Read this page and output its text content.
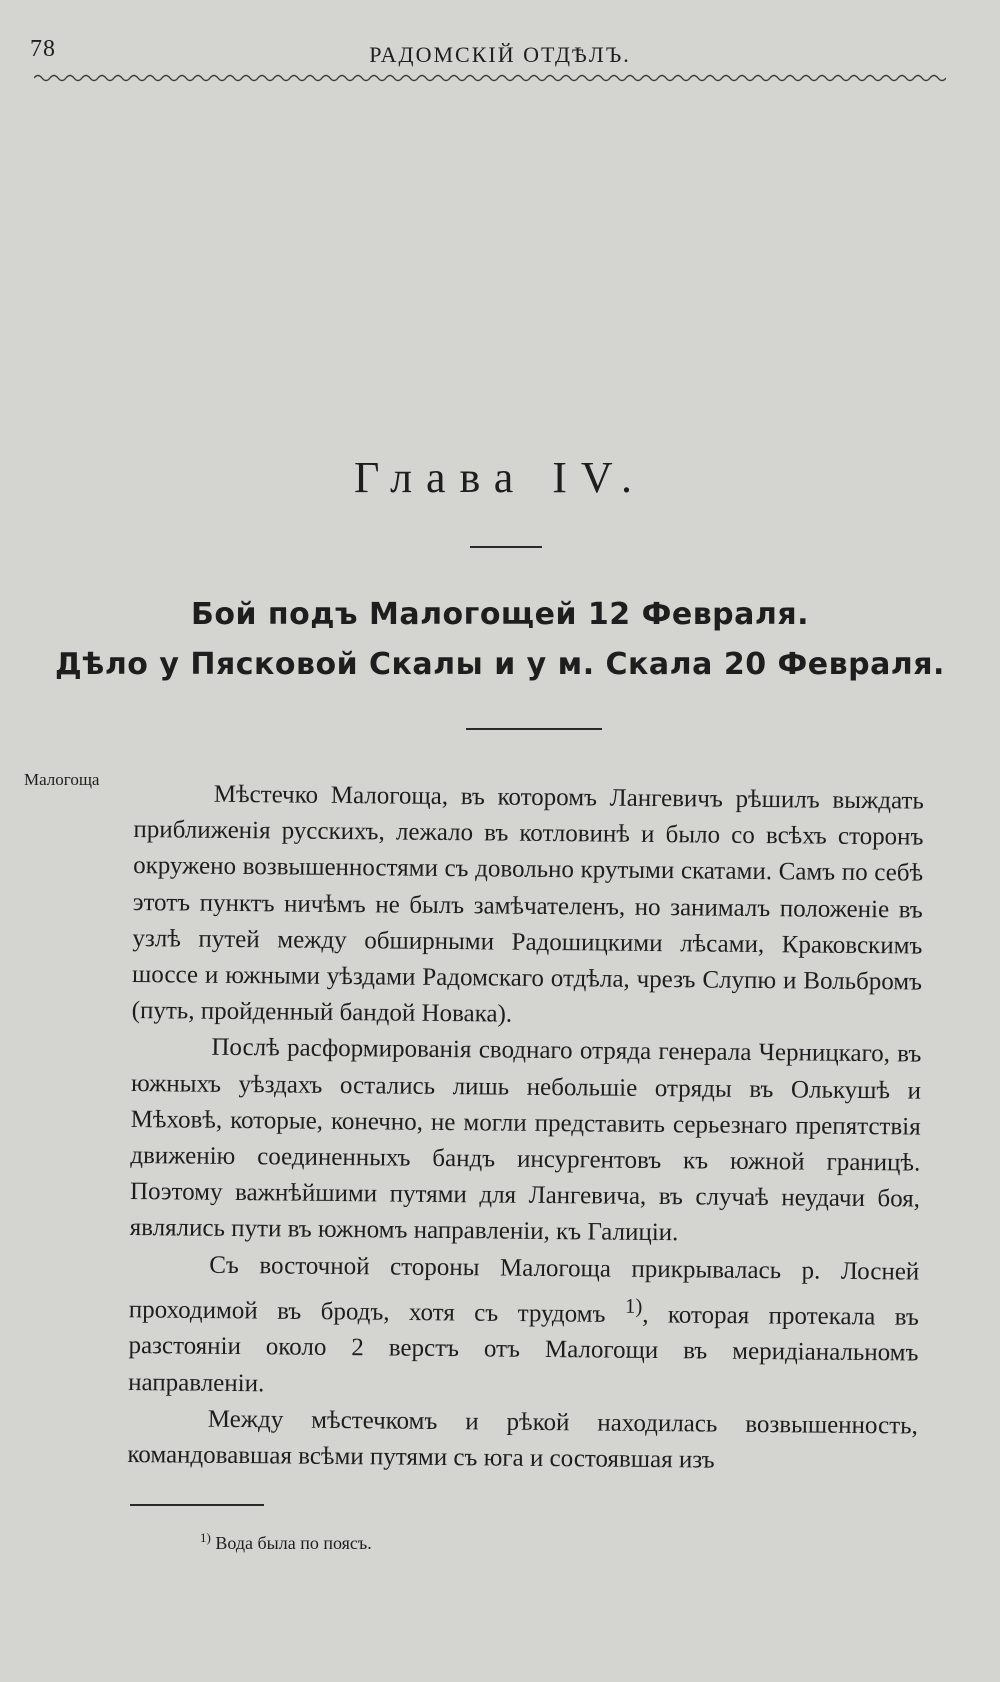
78	РАДОМСКІЙ ОТДѢЛЪ.
Глава IV.
Бой подъ Малогощей 12 Февраля.
Дѣло у Пясковой Скалы и у м. Скала 20 Февраля.
Малогоща

Мѣстечко Малогоща, въ которомъ Лангевичъ рѣшилъ выждать приближенія русскихъ, лежало въ котловинѣ и было со всѣхъ сторонъ окружено возвышенностями съ довольно крутыми скатами. Самъ по себѣ этотъ пунктъ ничѣмъ не былъ замѣчателенъ, но занималъ положеніе въ узлѣ путей между обширными Радошицкими лѣсами, Краковскимъ шоссе и южными уѣздами Радомскаго отдѣла, чрезъ Слупю и Вольбромъ (путь, пройденный бандой Новака).

Послѣ расформированія своднаго отряда генерала Черницкаго, въ южныхъ уѣздахъ остались лишь небольшіе отряды въ Олькушѣ и Мѣховѣ, которые, конечно, не могли представить серьезнаго препятствія движенію соединенныхъ бандъ инсургентовъ къ южной границѣ. Поэтому важнѣйшими путями для Лангевича, въ случаѣ неудачи боя, являлись пути въ южномъ направленіи, къ Галиціи.

Съ восточной стороны Малогоща прикрывалась р. Лосней проходимой въ бродъ, хотя съ трудомъ $^{1)}$, которая протекала въ разстояніи около 2 верстъ отъ Малогощи въ меридіанальномъ направленіи.

Между мѣстечкомъ и рѣкой находилась возвышенность, командовавшая всѣми путями съ юга и состоявшая изъ

$^{1)}$ Вода была по поясъ.
